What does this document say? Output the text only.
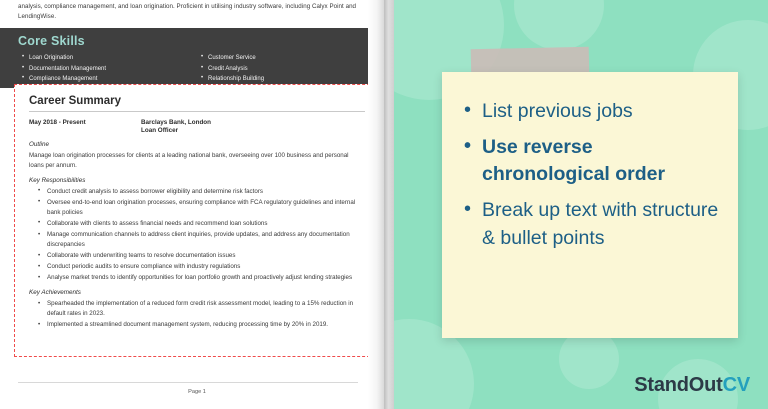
analysis, compliance management, and loan origination. Proficient in utilising industry software, including Calyx Point and LendingWise.
Core Skills
• Loan Origination
• Documentation Management
• Compliance Management
• Customer Service
• Credit Analysis
• Relationship Building
Career Summary
May 2018 - Present	Barclays Bank, London
Loan Officer
Outline
Manage loan origination processes for clients at a leading national bank, overseeing over 100 business and personal loans per annum.
Key Responsibilities
• Conduct credit analysis to assess borrower eligibility and determine risk factors
• Oversee end-to-end loan origination processes, ensuring compliance with FCA regulatory guidelines and internal bank policies
• Collaborate with clients to assess financial needs and recommend loan solutions
• Manage communication channels to address client inquiries, provide updates, and address any documentation discrepancies
• Collaborate with underwriting teams to resolve documentation issues
• Conduct periodic audits to ensure compliance with industry regulations
• Analyse market trends to identify opportunities for loan portfolio growth and proactively adjust lending strategies
Key Achievements
• Spearheaded the implementation of a reduced form credit risk assessment model, leading to a 15% reduction in default rates in 2023.
• Implemented a streamlined document management system, reducing processing time by 20% in 2019.
Page 1
• List previous jobs
• Use reverse chronological order
• Break up text with structure & bullet points
StandOutCV
